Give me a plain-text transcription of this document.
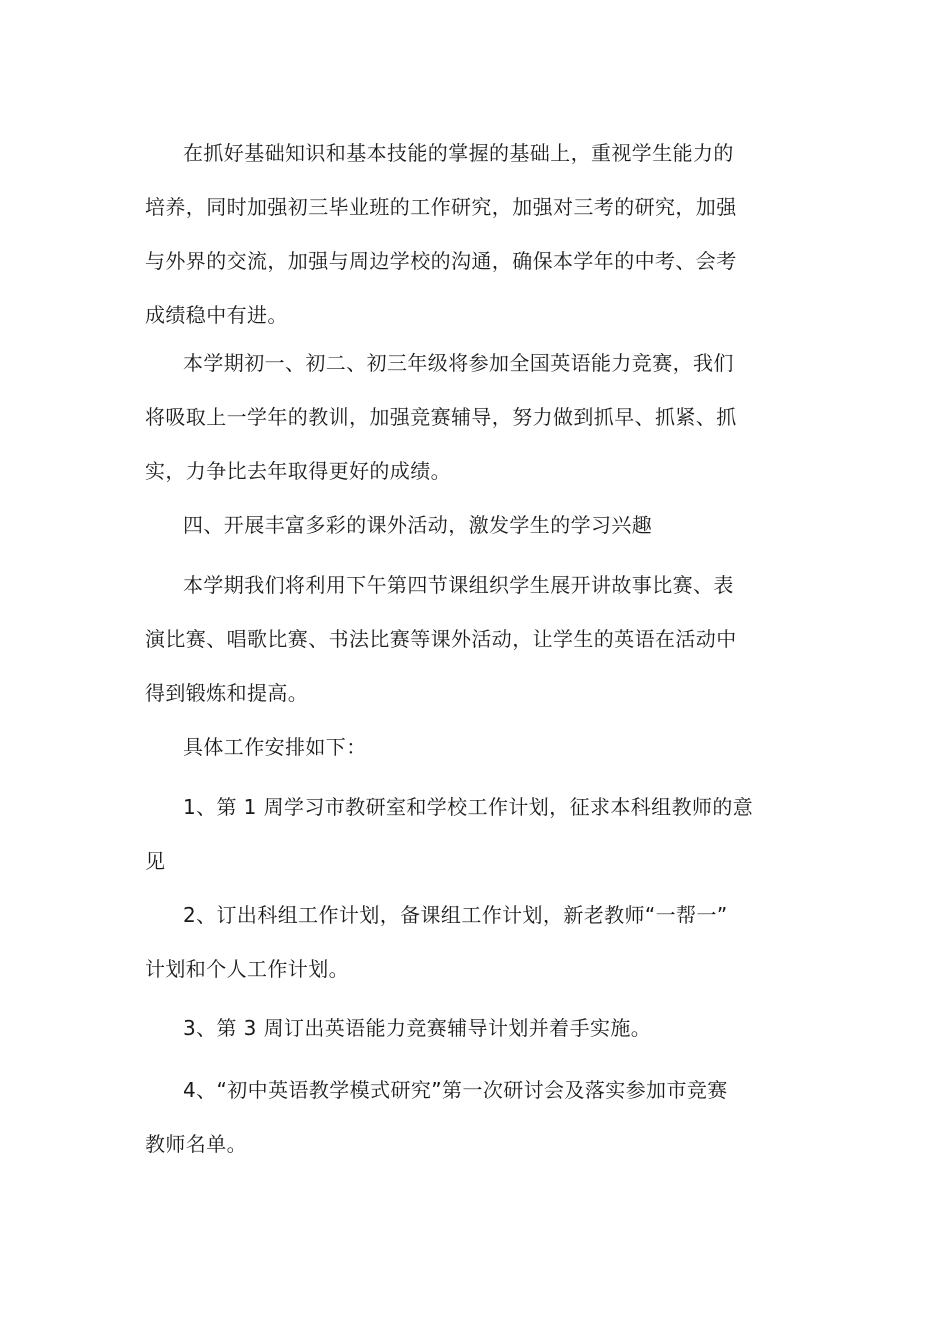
在抓好基础知识和基本技能的掌握的基础上，重视学生能力的
培养，同时加强初三毕业班的工作研究，加强对三考的研究，加强
与外界的交流，加强与周边学校的沟通，确保本学年的中考、会考
成绩稳中有进。
本学期初一、初二、初三年级将参加全国英语能力竞赛，我们
将吸取上一学年的教训，加强竞赛辅导，努力做到抓早、抓紧、抓
实，力争比去年取得更好的成绩。
四、开展丰富多彩的课外活动，激发学生的学习兴趣
本学期我们将利用下午第四节课组织学生展开讲故事比赛、表
演比赛、唱歌比赛、书法比赛等课外活动，让学生的英语在活动中
得到锻炼和提高。
具体工作安排如下：
1、第 1 周学习市教研室和学校工作计划，征求本科组教师的意
见
2、订出科组工作计划，备课组工作计划，新老教师“一帮一”
计划和个人工作计划。
3、第 3 周订出英语能力竞赛辅导计划并着手实施。
4、“初中英语教学模式研究”第一次研讨会及落实参加市竞赛
教师名单。
